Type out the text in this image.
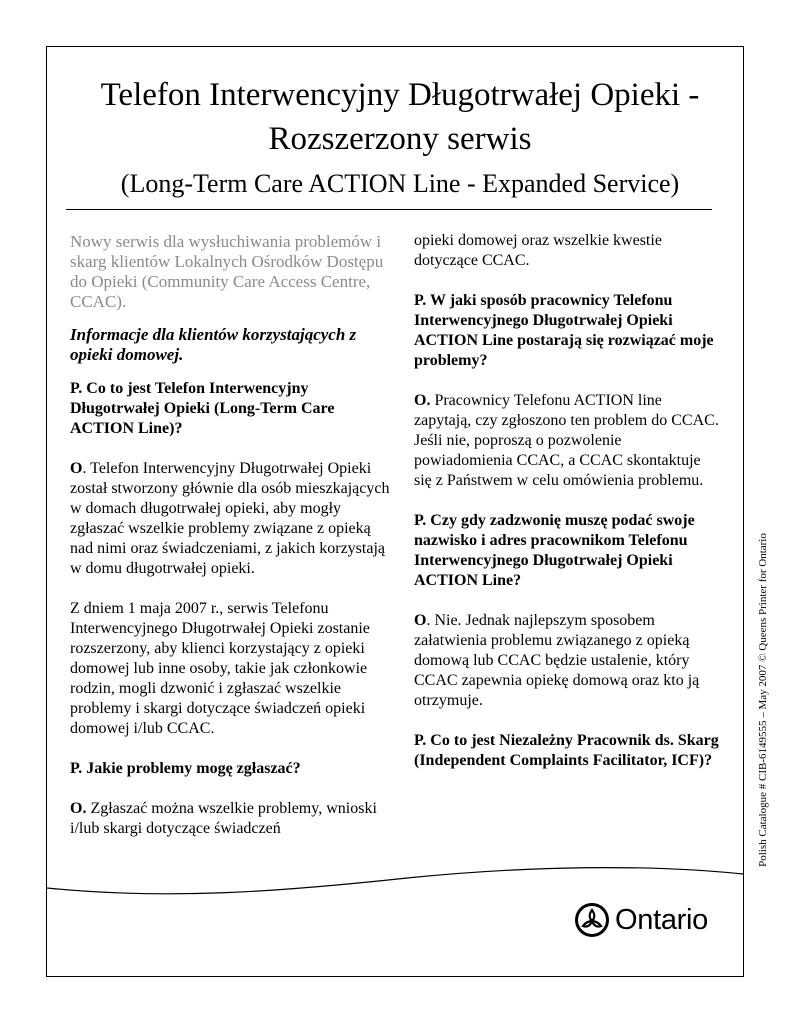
Telefon Interwencyjny Długotrwałej Opieki -
Rozszerzony serwis
(Long-Term Care ACTION Line - Expanded Service)

Nowy serwis dla wysłuchiwania problemów i skarg klientów Lokalnych Ośrodków Dostępu do Opieki (Community Care Access Centre, CCAC).

Informacje dla klientów korzystających z opieki domowej.

P. Co to jest Telefon Interwencyjny Długotrwałej Opieki (Long-Term Care ACTION Line)?

O. Telefon Interwencyjny Długotrwałej Opieki został stworzony głównie dla osób mieszkających w domach długotrwałej opieki, aby mogły zgłaszać wszelkie problemy związane z opieką nad nimi oraz świadczeniami, z jakich korzystają w domu długotrwałej opieki.

Z dniem 1 maja 2007 r., serwis Telefonu Interwencyjnego Długotrwałej Opieki zostanie rozszerzony, aby klienci korzystający z opieki domowej lub inne osoby, takie jak członkowie rodzin, mogli dzwonić i zgłaszać wszelkie problemy i skargi dotyczące świadczeń opieki domowej i/lub CCAC.

P. Jakie problemy mogę zgłaszać?

O. Zgłaszać można wszelkie problemy, wnioski i/lub skargi dotyczące świadczeń

opieki domowej oraz wszelkie kwestie dotyczące CCAC.

P. W jaki sposób pracownicy Telefonu Interwencyjnego Długotrwałej Opieki ACTION Line postarają się rozwiązać moje problemy?

O. Pracownicy Telefonu ACTION line zapytają, czy zgłoszono ten problem do CCAC. Jeśli nie, poproszą o pozwolenie powiadomienia CCAC, a CCAC skontaktuje się z Państwem w celu omówienia problemu.

P. Czy gdy zadzwonię muszę podać swoje nazwisko i adres pracownikom Telefonu Interwencyjnego Długotrwałej Opieki ACTION Line?

O. Nie. Jednak najlepszym sposobem załatwienia problemu związanego z opieką domową lub CCAC będzie ustalenie, który CCAC zapewnia opiekę domową oraz kto ją otrzymuje.

P. Co to jest Niezależny Pracownik ds. Skarg (Independent Complaints Facilitator, ICF)?	Polish Catalogue # CIB-6149555 – May 2007 © Queens Printer for Ontario
Ontario
